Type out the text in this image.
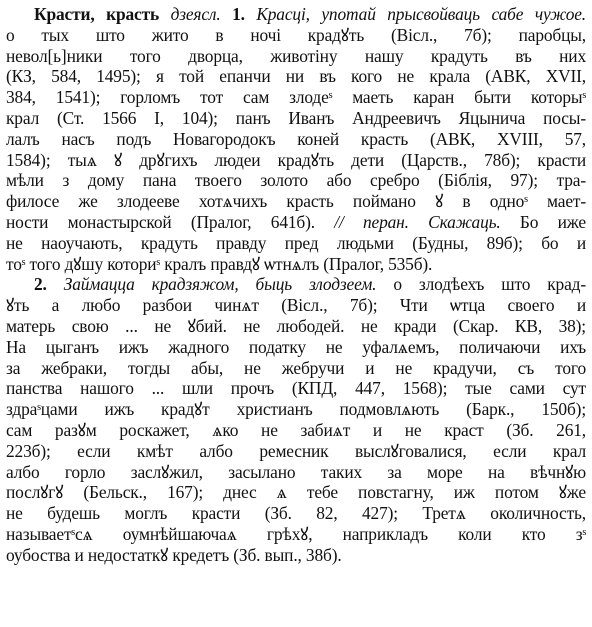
Красти, красть дзеясл. 1. Красці, употай прысвойваць сабе чужое.
о тых што жито в ночі крадꙋть (Вісл., 7б); паробцы,
невол[ь]ники того дворца, животіну нашу крадуть въ них
(КЗ, 584, 1495); я той епанчи ни въ кого не крала (АВК, XVII,
384, 1541); горломъ тот сам злодеˢ маеть каран быти которыˢ
крал (Ст. 1566 І, 104); панъ Иванъ Андреевичъ Яцынича посы-
лалъ насъ подъ Новагородокъ коней красть (АВК, XVIII, 57,
1584); тыѧ ꙋ дрꙋгихъ людеи крадꙋть дети (Царств., 78б); красти
мѣли з дому пана твоего золото або сребро (Біблія, 97); тра-
филосе же злодееве хотѧчихъ красть поймано ꙋ в одноˢ мает-
ности монастырской (Пралог, 641б). // перан. Скажаць. Бо иже
не наоучають, крадуть правду пред людьми (Будны, 89б); бо и
тоˢ того дꙋшу коториˢ кралъ правдꙋ ѡтнѧлъ (Пралог, 535б).
2. Займацца крадзяжом, быць злодзеем. о злодѣехъ што крад-
ꙋть а любо разбои чинѧт (Вісл., 7б); Чти ѡтца своего и
матерь свою ... не ꙋбий. не любодей. не кради (Скар. КВ, 38);
На цыганъ ижъ жадного податку не уфалѧемъ, поличаючи ихъ
за жебраки, тогды абы, не жебручи и не крадучи, съ того
панства нашого ... шли прочъ (КПД, 447, 1568); тые сами сут
здраˢцами ижъ крадꙋт христианъ подмовлѧють (Барк., 150б);
сам разꙋм роскажет, ѧко не забиѧт и не краст (Зб. 261,
223б); если кмѣт албо ремесник выслꙋговалися, если крал
албо горло заслꙋжил, засылано таких за море на вѣчнꙋю
послꙋгꙋ (Бельск., 167); днес ѧ тебе повстагну, иж потом ꙋже
не будешь моглъ красти (Зб. 82, 427); Третѧ околичность,
называетˢсѧ оумнѣйшаючаѧ грѣхꙋ, наприкладъ коли кто зˢ
оубоства и недостаткꙋ кредетъ (Зб. вып., 38б).
